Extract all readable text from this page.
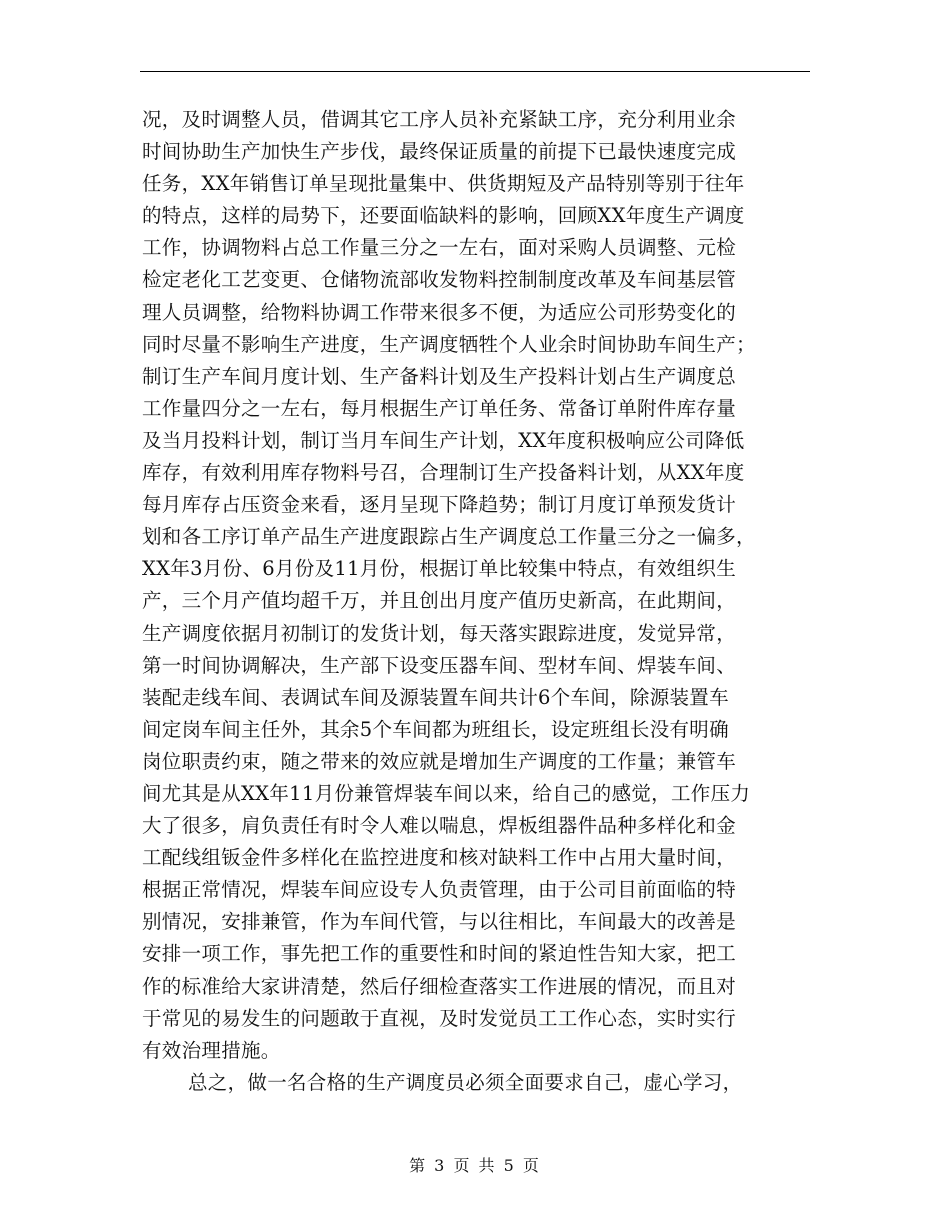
况，及时调整人员，借调其它工序人员补充紧缺工序，充分利用业余
时间协助生产加快生产步伐，最终保证质量的前提下已最快速度完成
任务，XX年销售订单呈现批量集中、供货期短及产品特别等别于往年
的特点，这样的局势下，还要面临缺料的影响，回顾XX年度生产调度
工作，协调物料占总工作量三分之一左右，面对采购人员调整、元检
检定老化工艺变更、仓储物流部收发物料控制制度改革及车间基层管
理人员调整，给物料协调工作带来很多不便，为适应公司形势变化的
同时尽量不影响生产进度，生产调度牺牲个人业余时间协助车间生产；
制订生产车间月度计划、生产备料计划及生产投料计划占生产调度总
工作量四分之一左右，每月根据生产订单任务、常备订单附件库存量
及当月投料计划，制订当月车间生产计划，XX年度积极响应公司降低
库存，有效利用库存物料号召，合理制订生产投备料计划，从XX年度
每月库存占压资金来看，逐月呈现下降趋势；制订月度订单预发货计
划和各工序订单产品生产进度跟踪占生产调度总工作量三分之一偏多，
XX年3月份、6月份及11月份，根据订单比较集中特点，有效组织生
产，三个月产值均超千万，并且创出月度产值历史新高，在此期间，
生产调度依据月初制订的发货计划，每天落实跟踪进度，发觉异常，
第一时间协调解决，生产部下设变压器车间、型材车间、焊装车间、
装配走线车间、表调试车间及源装置车间共计6个车间，除源装置车
间定岗车间主任外，其余5个车间都为班组长，设定班组长没有明确
岗位职责约束，随之带来的效应就是增加生产调度的工作量；兼管车
间尤其是从XX年11月份兼管焊装车间以来，给自己的感觉，工作压力
大了很多，肩负责任有时令人难以喘息，焊板组器件品种多样化和金
工配线组钣金件多样化在监控进度和核对缺料工作中占用大量时间，
根据正常情况，焊装车间应设专人负责管理，由于公司目前面临的特
别情况，安排兼管，作为车间代管，与以往相比，车间最大的改善是
安排一项工作，事先把工作的重要性和时间的紧迫性告知大家，把工
作的标准给大家讲清楚，然后仔细检查落实工作进展的情况，而且对
于常见的易发生的问题敢于直视，及时发觉员工工作心态，实时实行
有效治理措施。
总之，做一名合格的生产调度员必须全面要求自己，虚心学习，
第 3 页 共 5 页
